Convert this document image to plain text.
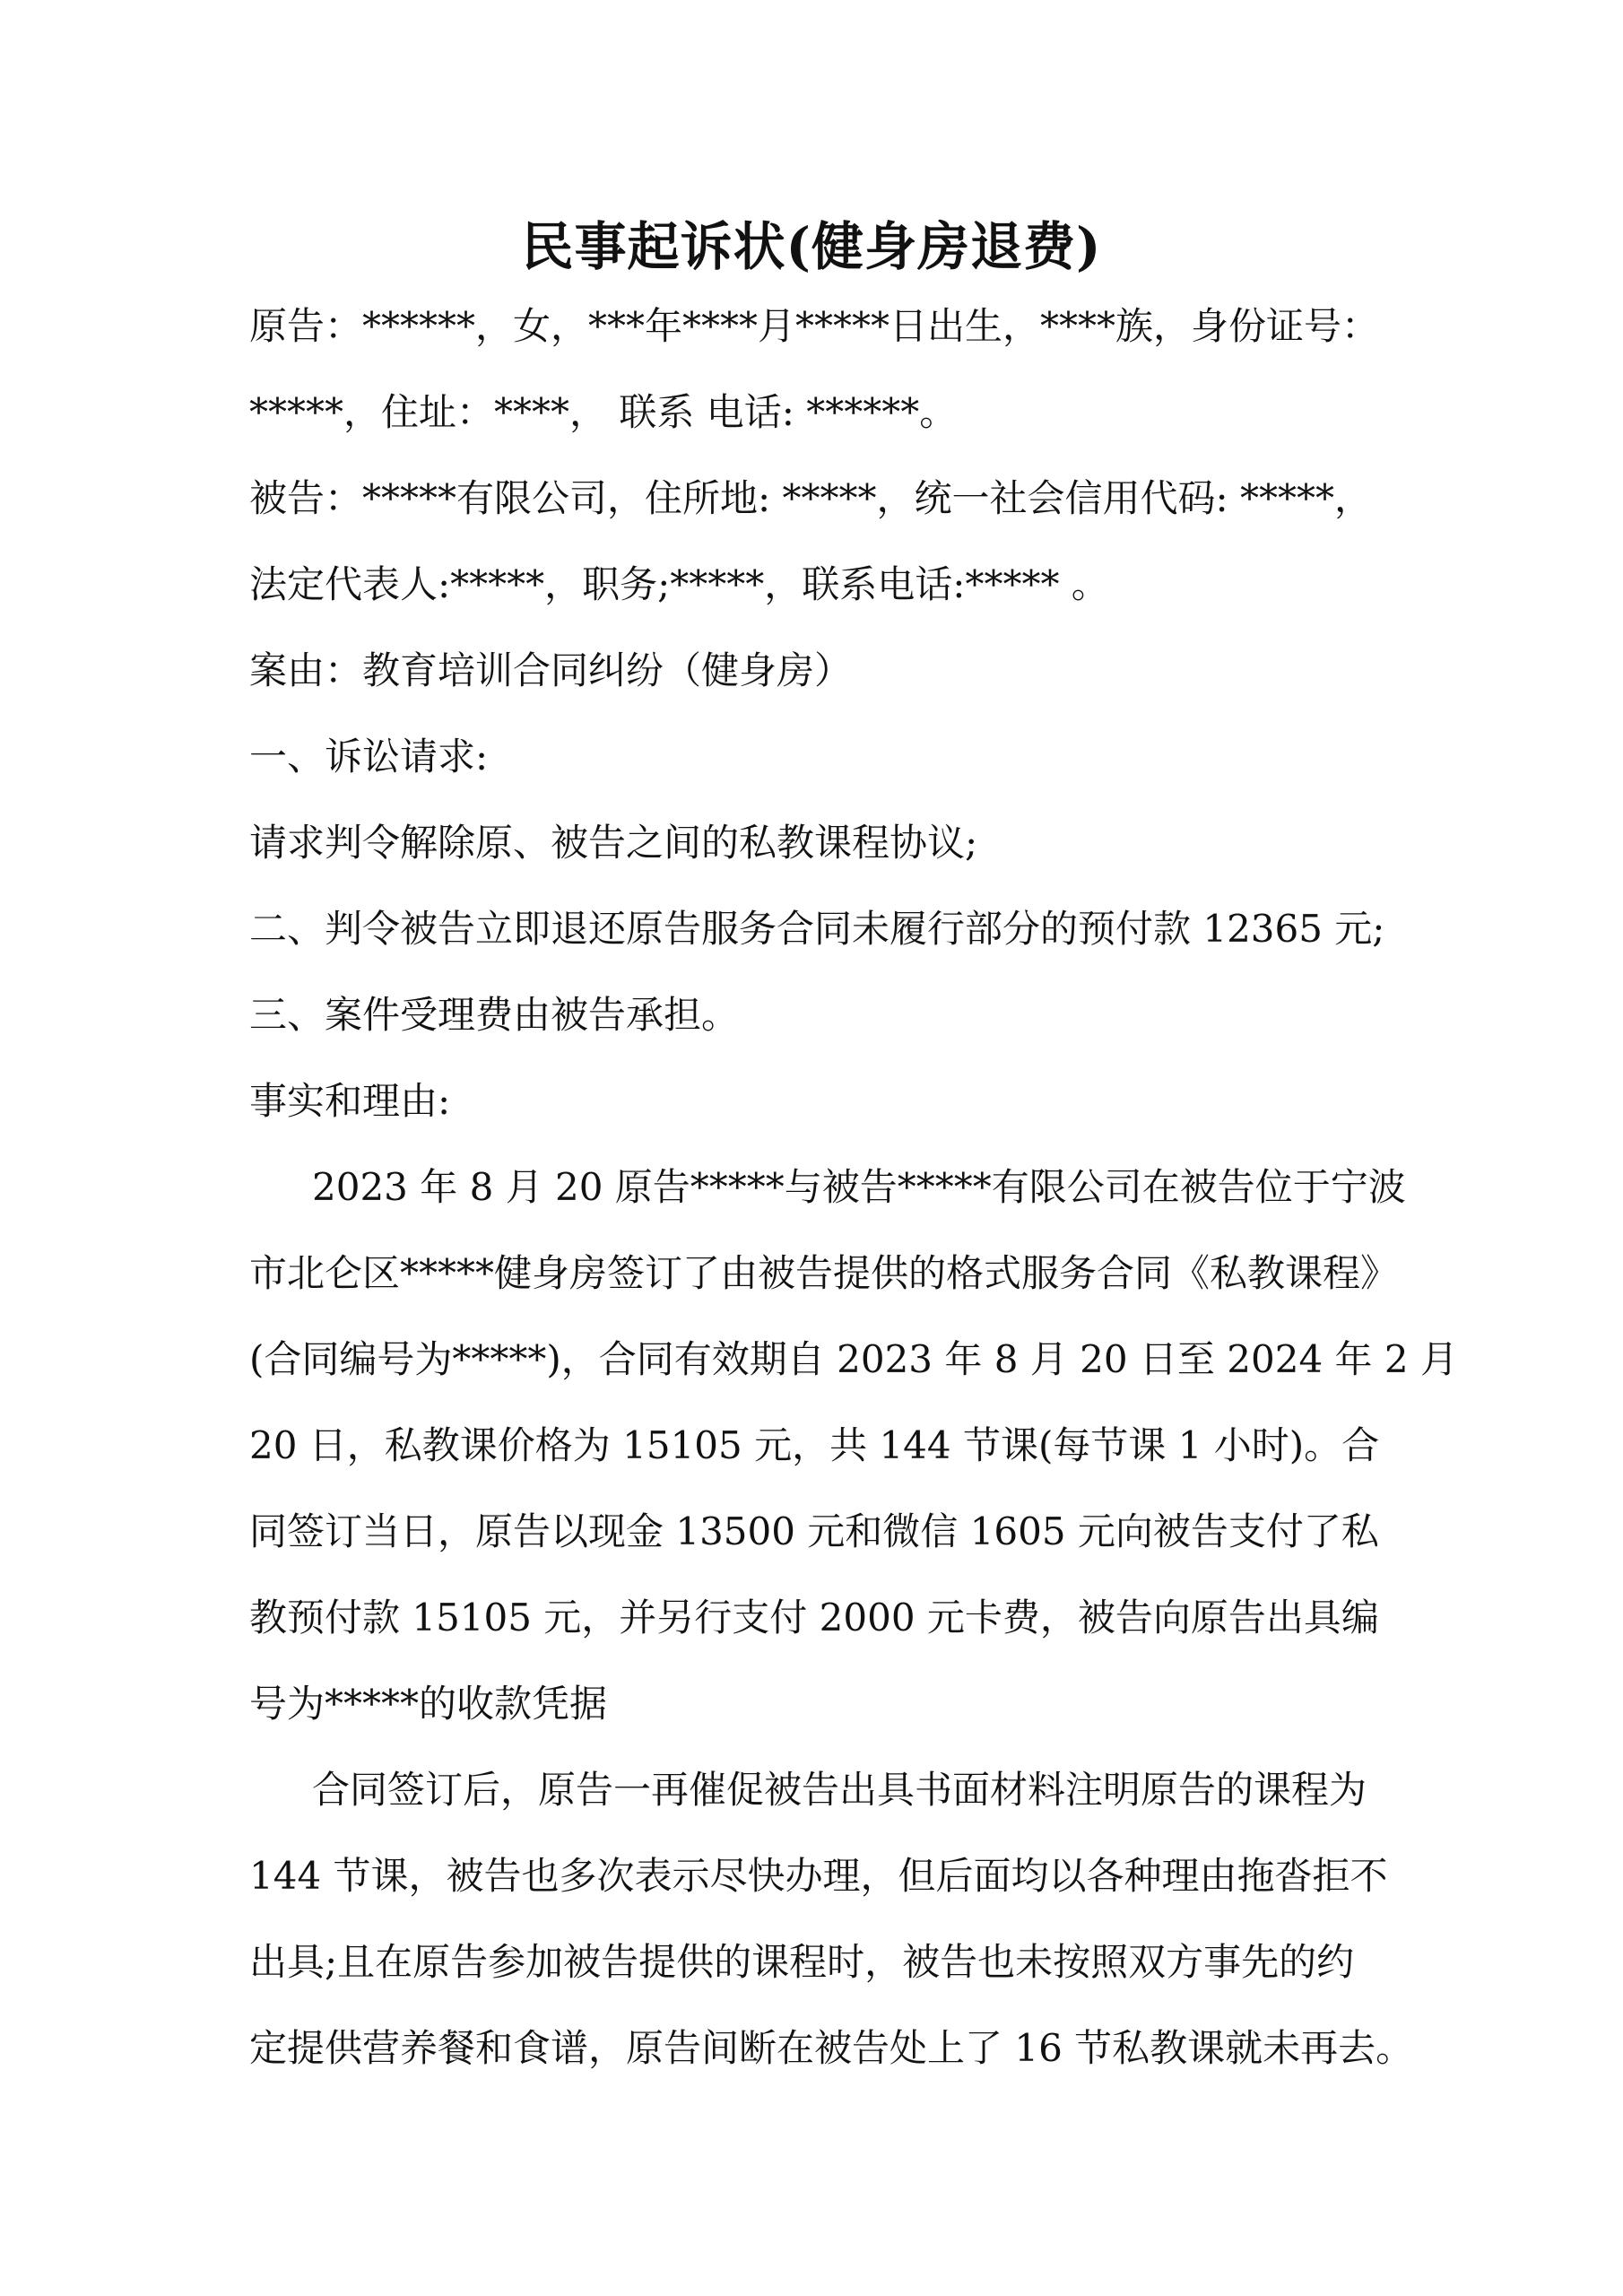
民事起诉状(健身房退费)
原告：******，女，***年****月*****日出生，****族，身份证号：
*****，住址：****， 联系 电话: ******。
被告：*****有限公司，住所地: *****，统一社会信用代码: *****，
法定代表人:*****，职务;*****，联系电话:***** 。
案由：教育培训合同纠纷（健身房）
一、诉讼请求:
请求判令解除原、被告之间的私教课程协议;
二、判令被告立即退还原告服务合同未履行部分的预付款 12365 元;
三、案件受理费由被告承担。
事实和理由:
2023 年 8 月 20 原告*****与被告*****有限公司在被告位于宁波
市北仑区*****健身房签订了由被告提供的格式服务合同《私教课程》
(合同编号为*****)，合同有效期自 2023 年 8 月 20 日至 2024 年 2 月
20 日，私教课价格为 15105 元，共 144 节课(每节课 1 小时)。合
同签订当日，原告以现金 13500 元和微信 1605 元向被告支付了私
教预付款 15105 元，并另行支付 2000 元卡费，被告向原告出具编
号为*****的收款凭据
合同签订后，原告一再催促被告出具书面材料注明原告的课程为
144 节课，被告也多次表示尽快办理，但后面均以各种理由拖沓拒不
出具;且在原告参加被告提供的课程时，被告也未按照双方事先的约
定提供营养餐和食谱，原告间断在被告处上了 16 节私教课就未再去。
